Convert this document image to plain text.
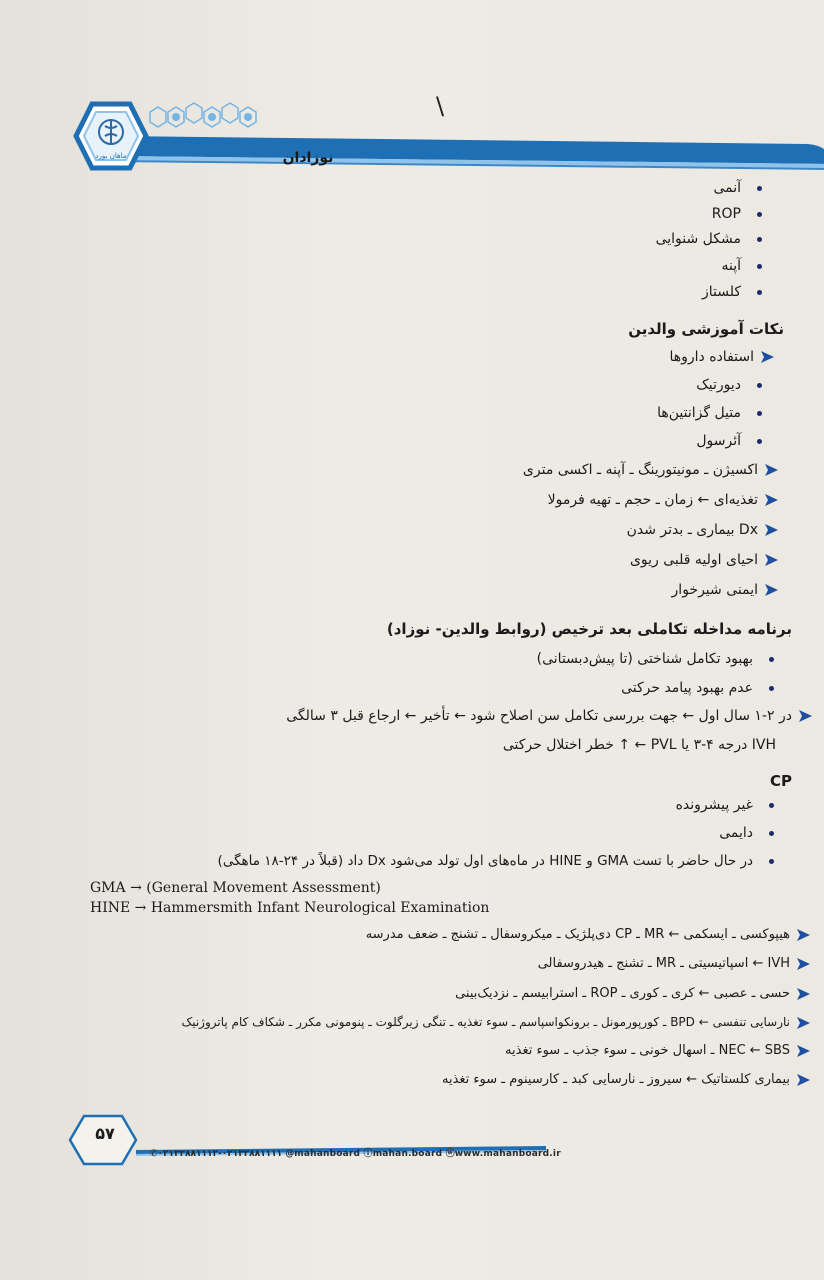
ماهان بورد
\
نوزادان
آنمی
ROP
مشکل شنوایی
آپنه
کلستاز
نکات آموزشی والدین
استفاده داروها
دیورتیک
متیل گزانتین‌ها
آئرسول
اکسیژن ـ مونیتورینگ ـ آپنه ـ اکسی متری
تغذیه‌ای ← زمان ـ حجم ـ تهیه فرمولا
Dx بیماری ـ بدتر شدن
احیای اولیه قلبی ریوی
ایمنی شیرخوار
برنامه مداخله تکاملی بعد ترخیص (روابط والدین- نوزاد)
بهبود تکامل شناختی (تا پیش‌دبستانی)
عدم بهبود پیامد حرکتی
در ۲-۱ سال اول ← جهت بررسی تکامل سن اصلاح شود ← تأخیر ← ارجاع قبل ۳ سالگی
IVH درجه ۴-۳ یا PVL ← ↑ خطر اختلال حرکتی
CP
غیر پیشرونده
دایمی
در حال حاضر با تست GMA و HINE در ماه‌های اول تولد می‌شود Dx داد (قبلاً در ۲۴-۱۸ ماهگی)
GMA → (General Movement Assessment)
HINE → Hammersmith Infant Neurological Examination
هیپوکسی ـ ایسکمی ← MR ـ CP دی‌پلژیک ـ میکروسفال ـ تشنج ـ ضعف مدرسه
IVH ← اسپاتیسیتی ـ MR ـ تشنج ـ هیدروسفالی
حسی ـ عصبی ← کری ـ کوری ـ ROP ـ استرابیسم ـ نزدیک‌بینی
نارسایی تنفسی ← BPD ـ کورپورمونل ـ برونکواسپاسم ـ سوء تغذیه ـ تنگی زیرگلوت ـ پنومونی مکرر ـ شکاف کام پاتروژنیک
NEC ← SBS ـ اسهال خونی ـ سوء جذب ـ سوء تغذیه
بیماری کلستاتیک ← سیروز ـ نارسایی کبد ـ کارسینوم ـ سوء تغذیه
۵۷
✆۰۲۱۳۲۸۸۱۱۱۲-۰۲۱۳۲۸۸۱۱۱۱ @mahanboard ⓘmahan.board ⓦwww.mahanboard.ir
